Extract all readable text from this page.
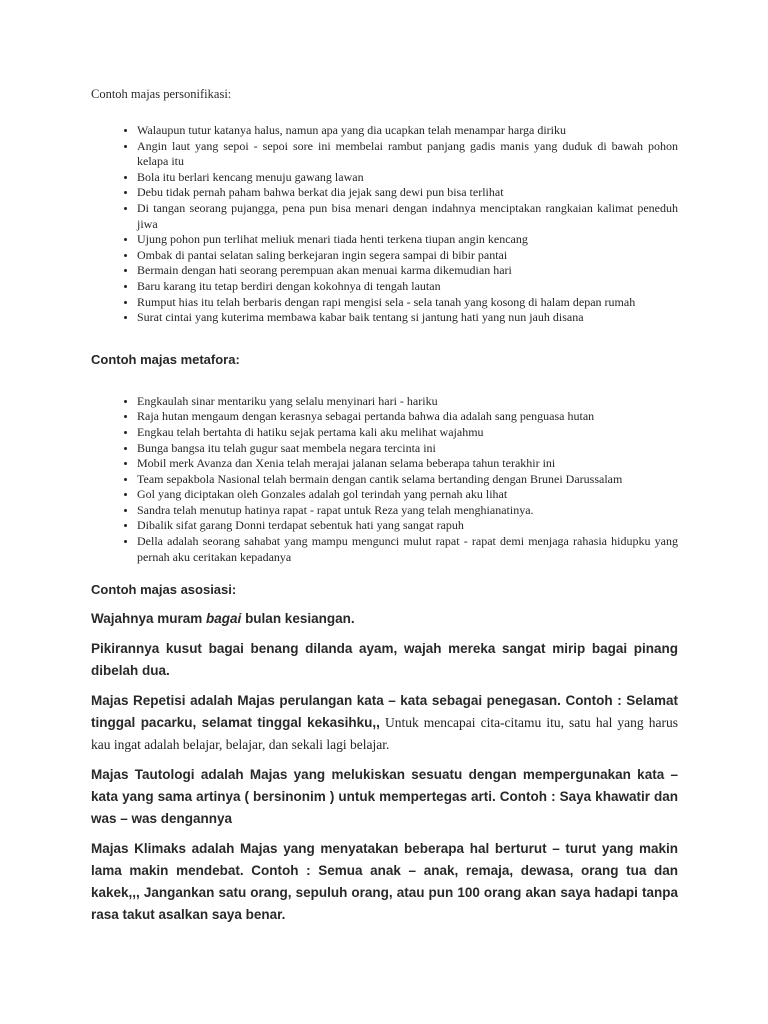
Contoh majas personifikasi:
• Walaupun tutur katanya halus, namun apa yang dia ucapkan telah menampar harga diriku
• Angin laut yang sepoi - sepoi sore ini membelai rambut panjang gadis manis yang duduk di bawah pohon kelapa itu
• Bola itu berlari kencang menuju gawang lawan
• Debu tidak pernah paham bahwa berkat dia jejak sang dewi pun bisa terlihat
• Di tangan seorang pujangga, pena pun bisa menari dengan indahnya menciptakan rangkaian kalimat peneduh jiwa
• Ujung pohon pun terlihat meliuk menari tiada henti terkena tiupan angin kencang
• Ombak di pantai selatan saling berkejaran ingin segera sampai di bibir pantai
• Bermain dengan hati seorang perempuan akan menuai karma dikemudian hari
• Baru karang itu tetap berdiri dengan kokohnya di tengah lautan
• Rumput hias itu telah berbaris dengan rapi mengisi sela - sela tanah yang kosong di halam depan rumah
• Surat cintai yang kuterima membawa kabar baik tentang si jantung hati yang nun jauh disana
Contoh majas metafora:
• Engkaulah sinar mentariku yang selalu menyinari hari - hariku
• Raja hutan mengaum dengan kerasnya sebagai pertanda bahwa dia adalah sang penguasa hutan
• Engkau telah bertahta di hatiku sejak pertama kali aku melihat wajahmu
• Bunga bangsa itu telah gugur saat membela negara tercinta ini
• Mobil merk Avanza dan Xenia telah merajai jalanan selama beberapa tahun terakhir ini
• Team sepakbola Nasional telah bermain dengan cantik selama bertanding dengan Brunei Darussalam
• Gol yang diciptakan oleh Gonzales adalah gol terindah yang pernah aku lihat
• Sandra telah menutup hatinya rapat - rapat untuk Reza yang telah menghianatinya.
• Dibalik sifat garang Donni terdapat sebentuk hati yang sangat rapuh
• Della adalah seorang sahabat yang mampu mengunci mulut rapat - rapat demi menjaga rahasia hidupku yang pernah aku ceritakan kepadanya
Contoh majas asosiasi:

Wajahnya muram bagai bulan kesiangan.

Pikirannya kusut bagai benang dilanda ayam, wajah mereka sangat mirip bagai pinang dibelah dua.

Majas Repetisi adalah Majas perulangan kata – kata sebagai penegasan. Contoh : Selamat tinggal pacarku, selamat tinggal kekasihku,, Untuk mencapai cita-citamu itu, satu hal yang harus kau ingat adalah belajar, belajar, dan sekali lagi belajar.

Majas Tautologi adalah Majas yang melukiskan sesuatu dengan mempergunakan kata – kata yang sama artinya ( bersinonim ) untuk mempertegas arti. Contoh : Saya khawatir dan was – was dengannya

Majas Klimaks adalah Majas yang menyatakan beberapa hal berturut – turut yang makin lama makin mendebat. Contoh : Semua anak – anak, remaja, dewasa, orang tua dan kakek,,, Jangankan satu orang, sepuluh orang, atau pun 100 orang akan saya hadapi tanpa rasa takut asalkan saya benar.
